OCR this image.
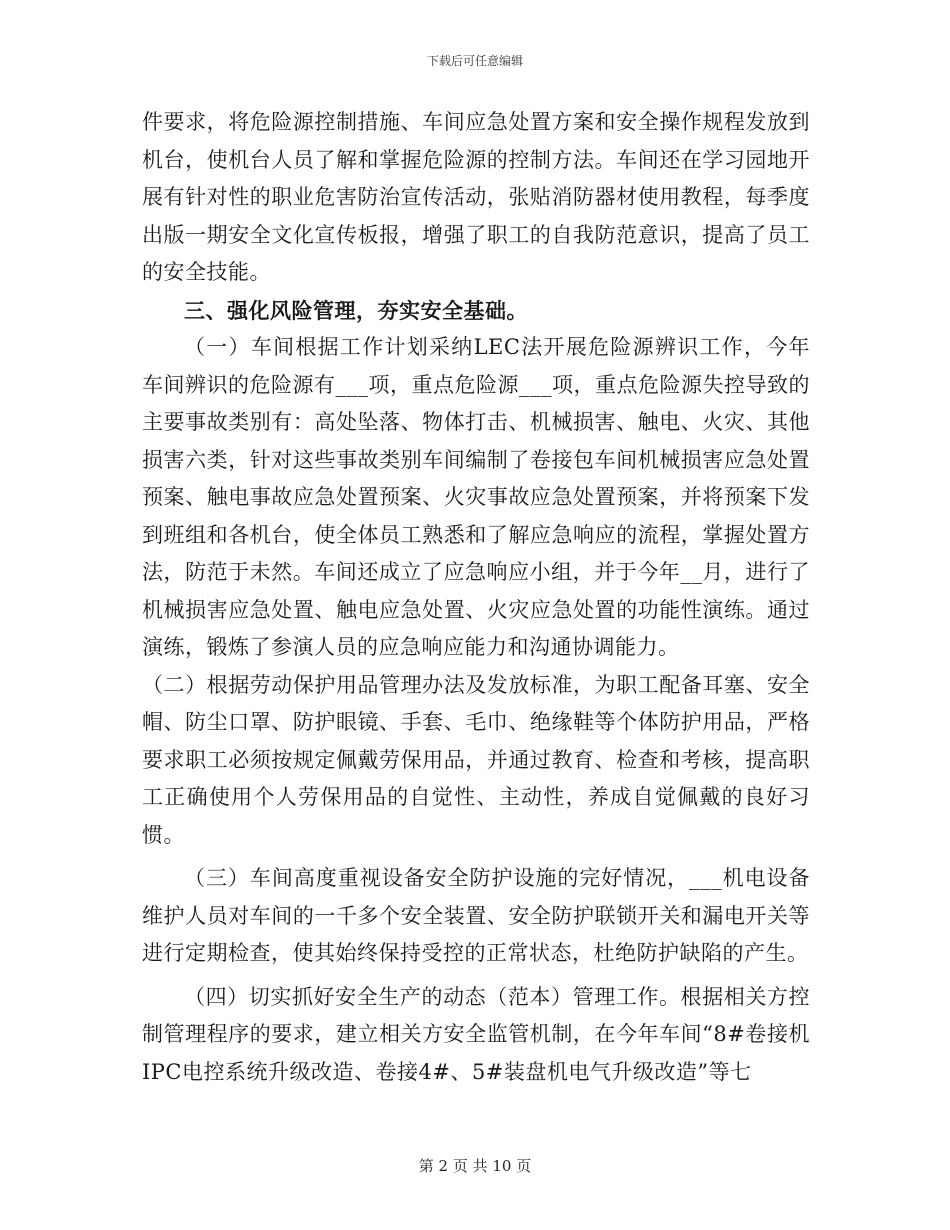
下载后可任意编辑

件要求，将危险源控制措施、车间应急处置方案和安全操作规程发放到机台，使机台人员了解和掌握危险源的控制方法。车间还在学习园地开展有针对性的职业危害防治宣传活动，张贴消防器材使用教程，每季度出版一期安全文化宣传板报，增强了职工的自我防范意识，提高了员工的安全技能。

三、强化风险管理，夯实安全基础。

（一）车间根据工作计划采纳LEC法开展危险源辨识工作，今年车间辨识的危险源有___项，重点危险源___项，重点危险源失控导致的主要事故类别有：高处坠落、物体打击、机械损害、触电、火灾、其他损害六类，针对这些事故类别车间编制了卷接包车间机械损害应急处置预案、触电事故应急处置预案、火灾事故应急处置预案，并将预案下发到班组和各机台，使全体员工熟悉和了解应急响应的流程，掌握处置方法，防范于未然。车间还成立了应急响应小组，并于今年__月，进行了机械损害应急处置、触电应急处置、火灾应急处置的功能性演练。通过演练，锻炼了参演人员的应急响应能力和沟通协调能力。

（二）根据劳动保护用品管理办法及发放标准，为职工配备耳塞、安全帽、防尘口罩、防护眼镜、手套、毛巾、绝缘鞋等个体防护用品，严格要求职工必须按规定佩戴劳保用品，并通过教育、检查和考核，提高职工正确使用个人劳保用品的自觉性、主动性，养成自觉佩戴的良好习惯。

（三）车间高度重视设备安全防护设施的完好情况，___机电设备维护人员对车间的一千多个安全装置、安全防护联锁开关和漏电开关等进行定期检查，使其始终保持受控的正常状态，杜绝防护缺陷的产生。

（四）切实抓好安全生产的动态（范本）管理工作。根据相关方控制管理程序的要求，建立相关方安全监管机制，在今年车间“8#卷接机IPC电控系统升级改造、卷接4#、5#装盘机电气升级改造”等七

第 2 页 共 10 页
